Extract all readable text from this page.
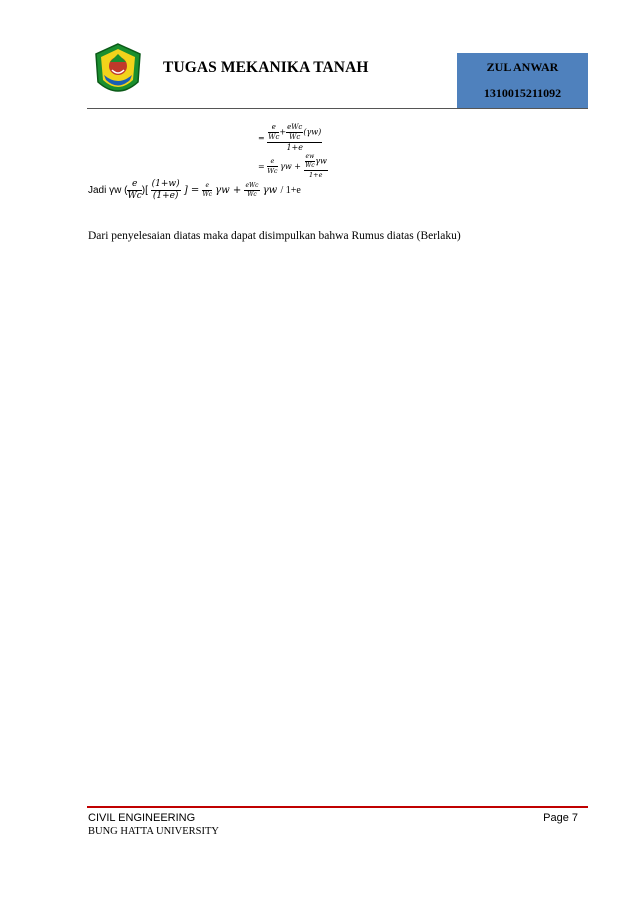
TUGAS MEKANIKA TANAH	ZUL ANWAR
1310015211092
= $\frac{\frac{e}{Wc} + \frac{\text{eWc}}{Wc} (\gamma w)}{1+e}$
= $\frac{e}{Wc}$ $\gamma w + \frac{\frac{ew}{Wc} \gamma w}{1+e}$
Jadi γw ( $\frac{e}{Wc}$ )[ $\frac{(1+w)}{(1+e)}$ ] = $\frac{e}{Wc}$ $\gamma w + \frac{\text{eWc}}{Wc}$ γw / 1+e
Dari penyelesaian diatas maka dapat disimpulkan bahwa Rumus diatas (Berlaku)
CIVIL ENGINEERING
BUNG HATTA UNIVERSITY
Page 7
